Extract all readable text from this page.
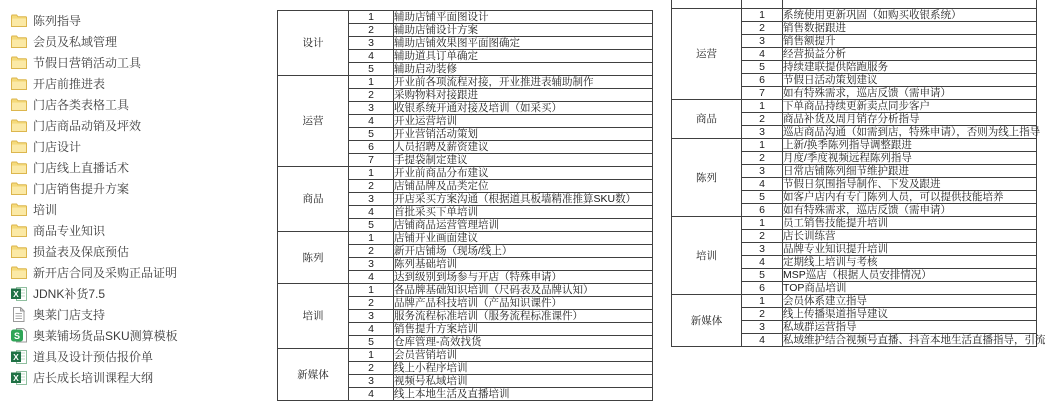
陈列指导
会员及私域管理
节假日营销活动工具
开店前推进表
门店各类表格工具
门店商品动销及坪效
门店设计
门店线上直播话术
门店销售提升方案
培训
商品专业知识
损益表及保底预估
新开店合同及采购正品证明
X JDNK补货7.5
奥莱门店支持
S 奥莱铺场货品SKU测算模板
X 道具及设计预估报价单
X 店长成长培训课程大纲
设计	1	辅助店铺平面图设计
	2	辅助店铺设计方案
	3	辅助店铺效果图平面图确定
	4	辅助道具订单确定
	5	辅助启动装修
运营	1	开业前各项流程对接，开业推进表辅助制作
	2	采购物料对接跟进
	3	收银系统开通对接及培训（如采买）
	4	开业运营培训
	5	开业营销活动策划
	6	人员招聘及薪资建议
	7	手提袋制定建议
商品	1	开业前商品分布建议
	2	店铺品牌及品类定位
	3	开店采买方案沟通（根据道具板墙精准推算SKU数）
	4	首批采买下单培训
	5	店铺商品运营管理培训
陈列	1	店铺开业画面建议
	2	新开店铺场（现场/线上）
	3	陈列基础培训
	4	达到级别到场参与开店（特殊申请）
培训	1	各品牌基础知识培训（尺码表及品牌认知）
	2	品牌产品科技培训（产品知识课件）
	3	服务流程标准培训（服务流程标准课件）
	4	销售提升方案培训
	5	仓库管理-高效找货
新媒体	1	会员营销培训
	2	线上小程序培训
	3	视频号私域培训
	4	线上本地生活及直播培训

运营	1	系统使用更新巩固（如购买收银系统）
	2	销售数据跟进
	3	销售额提升
	4	经营损益分析
	5	持续建联提供陪跑服务
	6	节假日活动策划建议
	7	如有特殊需求，巡店反馈（需申请）
商品	1	下单商品持续更新卖点同步客户
	2	商品补货及周月销存分析指导
	3	巡店商品沟通（如需到店，特殊申请），否则为线上指导
陈列	1	上新/换季陈列指导调整跟进
	2	月度/季度视频远程陈列指导
	3	日常店铺陈列细节维护跟进
	4	节假日氛围指导制作、下发及跟进
	5	如客户店内有专门陈列人员，可以提供技能培养
	6	如有特殊需求，巡店反馈（需申请）
培训	1	员工销售技能提升培训
	2	店长训练营
	3	品牌专业知识提升培训
	4	定期线上培训与考核
	5	MSP巡店（根据人员安排情况）
	6	TOP商品培训
新媒体	1	会员体系建立指导
	2	线上传播渠道指导建议
	3	私域群运营指导
	4	私域维护结合视频号直播、抖音本地生活直播指导，引流
